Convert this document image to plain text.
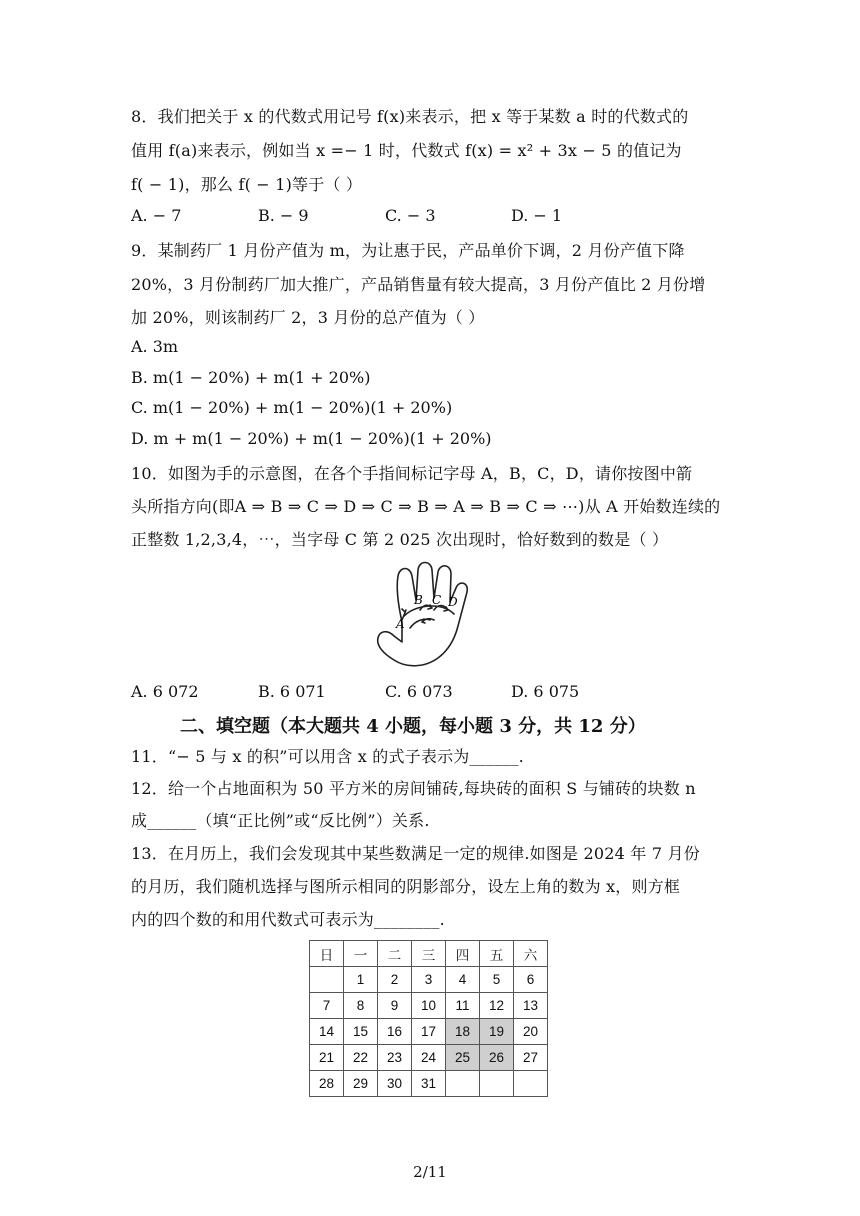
8．我们把关于 x 的代数式用记号 f(x)来表示，把 x 等于某数 a 时的代数式的
值用 f(a)来表示，例如当 x =− 1 时，代数式 f(x) = x² + 3x − 5 的值记为
f( − 1)，那么 f( − 1)等于（ ）
A. − 7	B. − 9	C. − 3	D. − 1
9．某制药厂 1 月份产值为 m，为让惠于民，产品单价下调，2 月份产值下降
20%，3 月份制药厂加大推广，产品销售量有较大提高，3 月份产值比 2 月份增
加 20%，则该制药厂 2，3 月份的总产值为（ ）
A. 3m
B. m(1 − 20%) + m(1 + 20%)
C. m(1 − 20%) + m(1 − 20%)(1 + 20%)
D. m + m(1 − 20%) + m(1 − 20%)(1 + 20%)
10．如图为手的示意图，在各个手指间标记字母 A，B，C，D，请你按图中箭
头所指方向(即A ⇒ B ⇒ C ⇒ D ⇒ C ⇒ B ⇒ A ⇒ B ⇒ C ⇒ ⋯)从 A 开始数连续的
正整数 1,2,3,4，⋯，当字母 C 第 2 025 次出现时，恰好数到的数是（ ）
A
B C D
A. 6 072	B. 6 071	C. 6 073	D. 6 075
二、填空题（本大题共 4 小题，每小题 3 分，共 12 分）
11．“− 5 与 x 的积”可以用含 x 的式子表示为______.
12．给一个占地面积为 50 平方米的房间铺砖,每块砖的面积 S 与铺砖的块数 n
成______（填“正比例”或“反比例”）关系.
13．在月历上，我们会发现其中某些数满足一定的规律.如图是 2024 年 7 月份
的月历，我们随机选择与图所示相同的阴影部分，设左上角的数为 x，则方框
内的四个数的和用代数式可表示为________.
日	一	二	三	四	五	六
	1	2	3	4	5	6
7	8	9	10	11	12	13
14	15	16	17	18	19	20
21	22	23	24	25	26	27
28	29	30	31			
2/11
